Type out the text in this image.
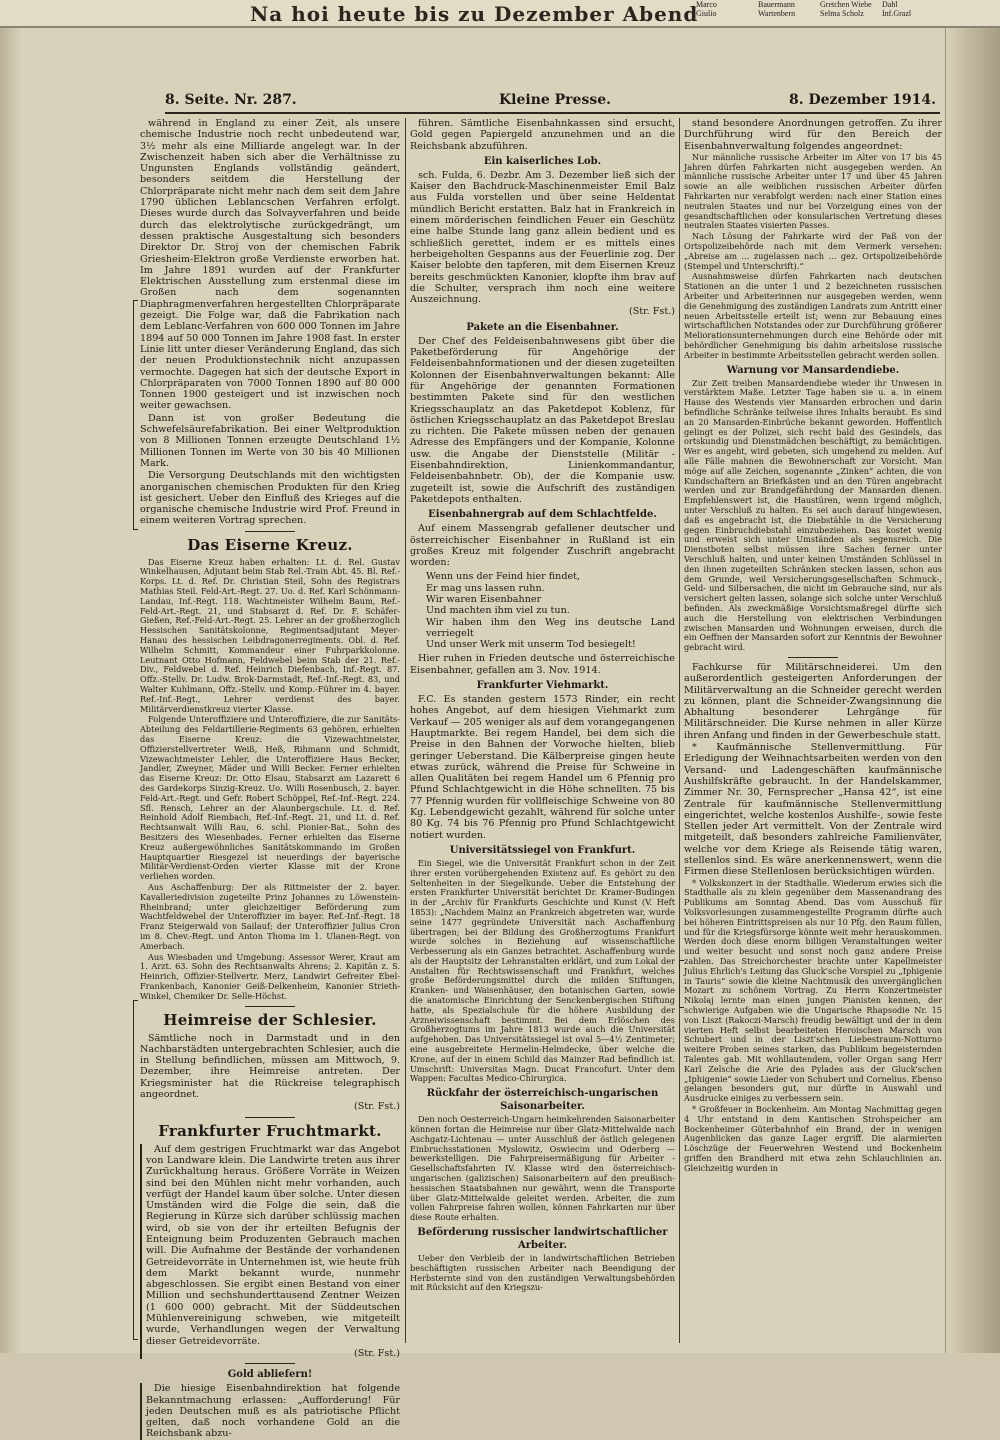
Na hoi heute bis zu Dezember Abend
Marco	Bauermann	Gretchen Wiebe	Dahl
Giulio	Wartenbern	Selma Scholz	Inf.Grazl
8. Seite. Nr. 287.	Kleine Presse.	8. Dezember 1914.

während in England zu einer Zeit, als unsere chemische Industrie noch recht unbedeutend war, 3½ mehr als eine Milliarde angelegt war. In der Zwischenzeit haben sich aber die Verhältnisse zu Ungunsten Englands vollständig geändert, besonders seitdem die Herstellung der Chlorpräparate nicht mehr nach dem seit dem Jahre 1790 üblichen Leblancschen Verfahren erfolgt. Dieses wurde durch das Solvayverfahren und beide durch das elektrolytische zurückgedrängt, um dessen praktische Ausgestaltung sich besonders Direktor Dr. Stroj von der chemischen Fabrik Griesheim-Elektron große Verdienste erworben hat. Im Jahre 1891 wurden auf der Frankfurter Elektrischen Ausstellung zum erstenmal diese im Großen nach dem sogenannten Diaphragmenverfahren hergestellten Chlorpräparate gezeigt. Die Folge war, daß die Fabrikation nach dem Leblanc-Verfahren von 600 000 Tonnen im Jahre 1894 auf 50 000 Tonnen im Jahre 1908 fast. In erster Linie litt unter dieser Veränderung England, das sich der neuen Produktionstechnik nicht anzupassen vermochte. Dagegen hat sich der deutsche Export in Chlorpräparaten von 7000 Tonnen 1890 auf 80 000 Tonnen 1900 gesteigert und ist inzwischen noch weiter gewachsen.

Dann ist von großer Bedeutung die Schwefelsäurefabrikation. Bei einer Weltproduktion von 8 Millionen Tonnen erzeugte Deutschland 1½ Millionen Tonnen im Werte von 30 bis 40 Millionen Mark.

Die Versorgung Deutschlands mit den wichtigsten anorganischen chemischen Produkten für den Krieg ist gesichert. Ueber den Einfluß des Krieges auf die organische chemische Industrie wird Prof. Freund in einem weiteren Vortrag sprechen.

Das Eiserne Kreuz.

Das Eiserne Kreuz haben erhalten: Lt. d. Rel. Gustav Winkelhausen, Adjutant beim Stab Rel.-Train Abt. 45. Bl. Ref.-Korps. Lt. d. Ref. Dr. Christian Steil, Sohn des Registrars Mathias Steil. Feld-Art.-Regt. 27. Uo. d. Ref. Karl Schönmann-Landau, Inf.-Regt. 118. Wachtmeister Wilhelm Baum, Ref.-Feld-Art.-Regt. 21, und Stabsarzt d. Ref. Dr. F. Schäfer-Gießen, Ref.-Feld-Art.-Regt. 25. Lehrer an der großherzoglich Hessischen Sanitätskolonne, Regimentsadjutant Meyer-Hanau des hessischen Leibdragonerregiments. Obl. d. Ref. Wilhelm Schmitt, Kommandeur einer Fuhrparkkolonne. Leutnant Otto Hofmann, Feldwebel beim Stab der 21. Ref.-Div., Feldwebel d. Ref. Heinrich Diefenbach, Inf.-Regt. 87. Offz.-Stellv. Dr. Ludw. Brok-Darmstadt, Ref.-Inf.-Regt. 83, und Walter Kuhlmann, Offz.-Stellv. und Komp.-Führer im 4. bayer. Ref.-Inf.-Regt., Lehrer verdienst des bayer. Militärverdienstkreuz vierter Klasse.

Folgende Unteroffiziere und Unteroffiziere, die zur Sanitäts-Abteilung des Feldartillerie-Regiments 63 gehören, erhielten das Eiserne Kreuz: die Vizewachtmeister, Offizierstellvertreter Weiß, Heß, Rihmann und Schmidt, Vizewachtmeister Lehler, die Unteroffiziere Haus Becker, Jandler, Zweyner, Mäder und Willi Becker. Ferner erhielten das Eiserne Kreuz: Dr. Otto Elsau, Stabsarzt am Lazarett 6 des Gardekorps Sinzig-Kreuz. Uo. Willi Rosenbusch, 2. bayer. Feld-Art.-Regt. und Gefr. Robert Schöppel, Ref.-Inf.-Regt. 224. Sfl. Rensch, Lehrer an der Alaunbergschule. Lt. d. Ref. Reinhold Adolf Riembach, Ref.-Inf.-Regt. 21, und Lt. d. Ref. Rechtsanwalt Willi Rau, 6. schl. Pionier-Bat., Sohn des Besitzers des Wiesenbades. Ferner erhielten das Eiserne Kreuz außergewöhnliches Sanitätskommando im Großen Hauptquartier Riesgezel ist neuerdings der bayerische Militär-Verdienst-Orden vierter Klasse mit der Krone verliehen worden.

Aus Aschaffenburg: Der als Rittmeister der 2. bayer. Kavalleriedivision zugeteilte Prinz Johannes zu Löwenstein-Rheinbrand; unter gleichzeitiger Beförderung zum Wachtfeldwebel der Unteroffizier im bayer. Ref.-Inf.-Regt. 18 Franz Steigerwald von Sailauf; der Unteroffizier Julius Cron im 8. Chev.-Regt. und Anton Thoma im 1. Ulanen-Regt. von Amerbach.

Aus Wiesbaden und Umgebung: Assessor Werer, Kraut am 1. Arzt. 63. Sohn des Rechtsanwalts Ahrens; 2. Kapitän z. S. Heinrich, Offizier-Stellvertr. Merz, Landwirt Gefreiter Ebel-Frankenbach, Kanonier Geiß-Delkenheim, Kanonier Strieth-Winkel, Chemiker Dr. Selle-Höchst.

Heimreise der Schlesier.

Sämtliche noch in Darmstadt und in den Nachbarstädten untergebrachten Schlesier, auch die in Stellung befindlichen, müssen am Mittwoch, 9. Dezember, ihre Heimreise antreten. Der Kriegsminister hat die Rückreise telegraphisch angeordnet.

(Str. Fst.)

Frankfurter Fruchtmarkt.

Auf dem gestrigen Fruchtmarkt war das Angebot von Landware klein. Die Landwirte treten aus ihrer Zurückhaltung heraus. Größere Vorräte in Weizen sind bei den Mühlen nicht mehr vorhanden, auch verfügt der Handel kaum über solche. Unter diesen Umständen wird die Folge die sein, daß die Regierung in Kürze sich darüber schlüssig machen wird, ob sie von der ihr erteilten Befugnis der Enteignung beim Produzenten Gebrauch machen will. Die Aufnahme der Bestände der vorhandenen Getreidevorräte in Unternehmen ist, wie heute früh dem Markt bekannt wurde, nunmehr abgeschlossen. Sie ergibt einen Bestand von einer Million und sechshunderttausend Zentner Weizen (1 600 000) gebracht. Mit der Süddeutschen Mühlenvereinigung schweben, wie mitgeteilt wurde, Verhandlungen wegen der Verwaltung dieser Getreidevorräte.

(Str. Fst.)

Gold abliefern!

Die hiesige Eisenbahndirektion hat folgende Bekanntmachung erlassen: „Aufforderung! Für jeden Deutschen muß es als patriotische Pflicht gelten, daß noch vorhandene Gold an die Reichsbank abzu-

führen. Sämtliche Eisenbahnkassen sind ersucht, Gold gegen Papiergeld anzunehmen und an die Reichsbank abzuführen.

Ein kaiserliches Lob.

sch. Fulda, 6. Dezbr. Am 3. Dezember ließ sich der Kaiser den Bachdruck-Maschinenmeister Emil Balz aus Fulda vorstellen und über seine Heldentat mündlich Bericht erstatten. Balz hat in Frankreich in einem mörderischen feindlichen Feuer ein Geschütz eine halbe Stunde lang ganz allein bedient und es schließlich gerettet, indem er es mittels eines herbeigeholten Gespanns aus der Feuerlinie zog. Der Kaiser belobte den tapferen, mit dem Eisernen Kreuz bereits geschmückten Kanonier, klopfte ihm brav auf die Schulter, versprach ihm noch eine weitere Auszeichnung.

(Str. Fst.)

Pakete an die Eisenbahner.

Der Chef des Feldeisenbahnwesens gibt über die Paketbeförderung für Angehörige der Feldeisenbahnformationen und der diesen zugeteilten Kolonnen der Eisenbahnverwaltungen bekannt: Alle für Angehörige der genannten Formationen bestimmten Pakete sind für den westlichen Kriegsschauplatz an das Paketdepot Koblenz, für östlichen Kriegsschauplatz an das Paketdepot Breslau zu richten. Die Pakete müssen neben der genauen Adresse des Empfängers und der Kompanie, Kolonne usw. die Angabe der Dienststelle (Militär - Eisenbahndirektion, Linienkommandantur, Feldeisenbahnbetr. Ob), der die Kompanie usw. zugeteilt ist, sowie die Aufschrift des zuständigen Paketdepots enthalten.

Eisenbahnergrab auf dem Schlachtfelde.

Auf einem Massengrab gefallener deutscher und österreichischer Eisenbahner in Rußland ist ein großes Kreuz mit folgender Zuschrift angebracht worden:

Wenn uns der Feind hier findet,
Er mag uns lassen ruhn.
Wir waren Eisenbahner
Und machten ihm viel zu tun.
Wir haben ihm den Weg ins deutsche Land verriegelt
Und unser Werk mit unserm Tod besiegelt!

Hier ruhen in Frieden deutsche und österreichische Eisenbahner, gefallen am 3. Nov. 1914.

Frankfurter Viehmarkt.

F.C. Es standen gestern 1573 Rinder, ein recht hohes Angebot, auf dem hiesigen Viehmarkt zum Verkauf — 205 weniger als auf dem vorangegangenen Hauptmarkte. Bei regem Handel, bei dem sich die Preise in den Bahnen der Vorwoche hielten, blieb geringer Ueberstand. Die Kälberpreise gingen heute etwas zurück, während die Preise für Schweine in allen Qualitäten bei regem Handel um 6 Pfennig pro Pfund Schlachtgewicht in die Höhe schnellten. 75 bis 77 Pfennig wurden für vollfleischige Schweine von 80 Kg. Lebendgewicht gezahlt, während für solche unter 80 Kg. 74 bis 76 Pfennig pro Pfund Schlachtgewicht notiert wurden.

Universitätssiegel von Frankfurt.

Ein Siegel, wie die Universität Frankfurt schon in der Zeit ihrer ersten vorübergehenden Existenz auf. Es gehört zu den Seltenheiten in der Siegelkunde. Ueber die Entstehung der ersten Frankfurter Universität berichtet Dr. Kramer-Budingen in der „Archiv für Frankfurts Geschichte und Kunst (V. Heft 1853): „Nachdem Mainz an Frankreich abgetreten war, wurde seine 1477 gegründete Universität nach Aschaffenburg übertragen; bei der Bildung des Großherzogtums Frankfurt wurde solches in Beziehung auf wissenschaftliche Verbesserung als ein Ganzes betrachtet. Aschaffenburg wurde als der Hauptsitz der Lehranstalten erklärt, und zum Lokal der Anstalten für Rechtswissenschaft und Frankfurt, welches große Beförderungsmittel durch die milden Stiftungen, Kranken- und Waisenhäuser, den botanischen Garten, sowie die anatomische Einrichtung der Senckenbergischen Stiftung hatte, als Spezialschule für die höhere Ausbildung der Arzneiwissenschaft bestimmt. Bei dem Erlöschen des Großherzogtums im Jahre 1813 wurde auch die Universität aufgehoben. Das Universitätssiegel ist oval 5—4½ Zentimeter; eine ausgebreitete Hermelin-Helmdecke, über welche die Krone, auf der in einem Schild das Mainzer Rad befindlich ist. Umschrift: Universitas Magn. Ducat Francofurt. Unter dem Wappen: Facultas Medico-Chirurgica.

Rückfahr der österreichisch-ungarischen Saisonarbeiter.

Den noch Oesterreich-Ungarn heimkehrenden Saisonarbeiter können fortan die Heimreise nur über Glatz-Mittelwalde nach Aschgatz-Lichtenau — unter Ausschluß der östlich gelegenen Einbruchsstationen Myslowitz, Oswiecim und Oderberg — bewerkstelligen. Die Fahrpreisermäßigung für Arbeiter - Gesellschaftsfahrten IV. Klasse wird den österreichisch-ungarischen (galizischen) Saisonarbeitern auf den preußisch-hessischen Staatsbahnen nur gewährt, wenn die Transporte über Glatz-Mittelwalde geleitet werden. Arbeiter, die zum vollen Fahrpreise fahren wollen, können Fahrkarten nur über diese Route erhalten.

Beförderung russischer landwirtschaftlicher Arbeiter.

Ueber den Verbleib der in landwirtschaftlichen Betrieben beschäftigten russischen Arbeiter nach Beendigung der Herbsternte sind von den zuständigen Verwaltungsbehörden mit Rücksicht auf den Kriegszu-

stand besondere Anordnungen getroffen. Zu ihrer Durchführung wird für den Bereich der Eisenbahnverwaltung folgendes angeordnet:

Nur männliche russische Arbeiter im Alter von 17 bis 45 Jahren dürfen Fahrkarten nicht ausgegeben werden. An männliche russische Arbeiter unter 17 und über 45 Jahren sowie an alle weiblichen russischen Arbeiter dürfen Fahrkarten nur verabfolgt werden: nach einer Station eines neutralen Staates und nur bei Vorzeigung eines von der gesandtschaftlichen oder konsularischen Vertretung dieses neutralen Staates visierten Passes.

Nach Lösung der Fahrkarte wird der Paß von der Ortspolizeibehörde nach mit dem Vermerk versehen: „Abreise am ... zugelassen nach ... gez. Ortspolizeibehörde (Stempel und Unterschrift).“

Ausnahmsweise dürfen Fahrkarten nach deutschen Stationen an die unter 1 und 2 bezeichneten russischen Arbeiter und Arbeiterinnen nur ausgegeben werden, wenn die Genehmigung des zuständigen Landrats zum Antritt einer neuen Arbeitsstelle erteilt ist; wenn zur Bebauung eines wirtschaftlichen Notstandes oder zur Durchführung größerer Meliorationsunternehmungen durch eine Behörde oder mit behördlicher Genehmigung bis dahin arbeitslose russische Arbeiter in bestimmte Arbeitsstellen gebracht werden sollen.

Warnung vor Mansardendiebe.

Zur Zeit treiben Mansardendiebe wieder ihr Unwesen in verstärktem Maße. Letzter Tage haben sie u. a. in einem Hause des Westends vier Mansarden erbrochen und darin befindliche Schränke teilweise ihres Inhalts beraubt. Es sind an 20 Mansarden-Einbrüche bekannt geworden. Hoffentlich gelingt es der Polizei, sich recht bald des Gesindels, das ortskundig und Dienstmädchen beschäftigt, zu bemächtigen. Wer es angeht, wird gebeten, sich umgehend zu melden. Auf alle Fälle mahnen die Bewohnerschaft zur Vorsicht. Man möge auf alle Zeichen, sogenannte „Zinken“ achten, die von Kundschaftern an Briefkästen und an den Türen angebracht werden und zur Brandgefährdung der Mansarden dienen. Empfehlenswert ist, die Haustüren, wenn irgend möglich, unter Verschluß zu halten. Es sei auch darauf hingewiesen, daß es angebracht ist, die Diebstähle in die Versicherung gegen Einbruchdiebstahl einzubeziehen. Das kostet wenig und erweist sich unter Umständen als segensreich. Die Dienstboten selbst müssen ihre Sachen ferner unter Verschluß halten, und unter keinen Umständen Schlüssel in den ihnen zugeteilten Schränken stecken lassen, schon aus dem Grunde, weil Versicherungsgesellschaften Schmuck-, Geld- und Silbersachen, die nicht im Gebrauche sind, nur als versichert gelten lassen, solange sich solche unter Verschluß befinden. Als zweckmäßige Vorsichtsmaßregel dürfte sich auch die Herstellung von elektrischen Verbindungen zwischen Mansarden und Wohnungen erweisen, durch die ein Oeffnen der Mansarden sofort zur Kenntnis der Bewohner gebracht wird.

Fachkurse für Militärschneiderei. Um den außerordentlich gesteigerten Anforderungen der Militärverwaltung an die Schneider gerecht werden zu können, plant die Schneider-Zwangsinnung die Abhaltung besonderer Lehrgänge für Militärschneider. Die Kurse nehmen in aller Kürze ihren Anfang und finden in der Gewerbeschule statt.

* Kaufmännische Stellenvermittlung. Für Erledigung der Weihnachtsarbeiten werden von den Versand- und Ladengeschäften kaufmännische Aushilfskräfte gebraucht. In der Handelskammer, Zimmer Nr. 30, Fernsprecher „Hansa 42“, ist eine Zentrale für kaufmännische Stellenvermittlung eingerichtet, welche kostenlos Aushilfe-, sowie feste Stellen jeder Art vermittelt. Von der Zentrale wird mitgeteilt, daß besonders zahlreiche Familienväter, welche vor dem Kriege als Reisende tätig waren, stellenlos sind. Es wäre anerkennenswert, wenn die Firmen diese Stellenlosen berücksichtigen würden.

* Volkskonzert in der Stadthalle. Wiederum erwies sich die Stadthalle als zu klein gegenüber dem Massenandrang des Publikums am Sonntag Abend. Das vom Ausschuß für Volksvorlesungen zusammengestellte Programm dürfte auch bei höheren Eintrittspreisen als nur 10 Pfg. den Raum füllen, und für die Kriegsfürsorge könnte weit mehr herauskommen. Werden doch diese enorm billigen Veranstaltungen weiter und weiter besucht und sonst noch ganz andere Preise zahlen. Das Streichorchester brachte unter Kapellmeister Julius Ehrlich's Leitung das Gluck'sche Vorspiel zu „Iphigenie in Tauris“ sowie die kleine Nachtmusik des unvergänglichen Mozart zu schönem Vortrag. Zu Herrn Konzertmeister Nikolaj lernte man einen jungen Pianisten kennen, der schwierige Aufgaben wie die Ungarische Rhapsodie Nr. 15 von Liszt (Rakoczi-Marsch) freudig bewältigt und der in dem vierten Heft selbst bearbeiteten Heroischen Marsch von Schubert und in der Liszt'schen Liebestraum-Notturno weitere Proben seines starken, das Publikum begeisternden Talentes gab. Mit wohllautendem, voller Organ sang Herr Karl Zelsche die Arie des Pylades aus der Gluck'schen „Iphigenie“ sowie Lieder von Schubert und Cornelius. Ebenso gelangen besonders gut, nur dürfte in Auswahl und Ausdrucke einiges zu verbessern sein.

* Großfeuer in Bockenheim. Am Montag Nachmittag gegen 4 Uhr entstand in dem Kantischen Strohspeicher am Bockenheimer Güterbahnhof ein Brand, der in wenigen Augenblicken das ganze Lager ergriff. Die alarmierten Löschzüge der Feuerwehren Westend und Bockenheim griffen den Brandherd mit etwa zehn Schlauchlinien an. Gleichzeitig wurden in
